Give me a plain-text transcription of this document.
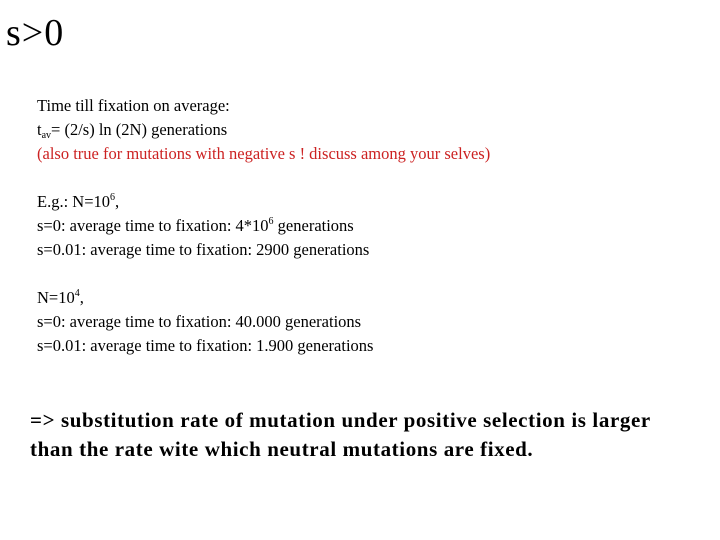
s>0
Time till fixation on average:
$t_{av}= (2/s)$ ln (2N) generations
(also true for mutations with negative s ! discuss among your selves)
E.g.: $N=10^6$,
s=0: average time to fixation: $4*10^6$ generations
s=0.01: average time to fixation: 2900 generations
$N=10^4$,
s=0: average time to fixation: 40.000 generations
s=0.01: average time to fixation: 1.900 generations
=> substitution rate of mutation under positive selection is larger
than the rate wite which neutral mutations are fixed.
